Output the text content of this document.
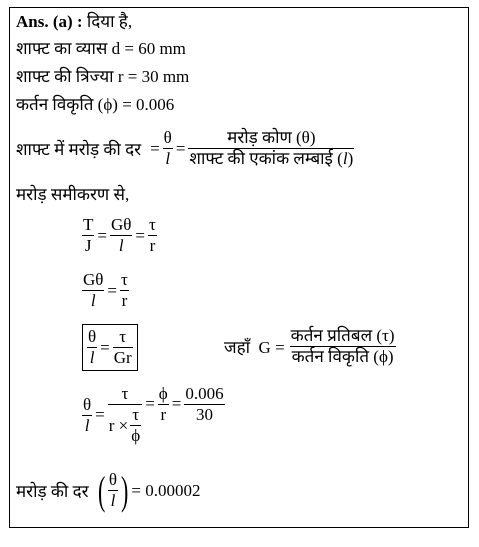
Ans. (a) : दिया है,
शाफ्ट का व्यास d = 60 mm
शाफ्ट की त्रिज्या r = 30 mm
कर्तन विकृति (ϕ) = 0.006
शाफ्ट में मरोड़ की दर = $\frac{\theta}{l} = \frac{\text{मरोड़ कोण (θ)}}{\text{शाफ्ट की एकांक लम्बाई (l)}}$
मरोड़ समीकरण से,
$\frac{T}{J} = \frac{G\theta}{l} = \frac{\tau}{r}$
$\frac{G\theta}{l} = \frac{\tau}{r}$
$\frac{\theta}{l} = \frac{\tau}{Gr}$	जहाँ  $G = \frac{\text{कर्तन प्रतिबल (τ)}}{\text{कर्तन विकृति (ϕ)}}$
$\frac{\theta}{l} = \frac{\tau}{r \times \frac{\tau}{\phi}} = \frac{\phi}{r} = \frac{0.006}{30}$
मरोड़ की दर ( $\frac{\theta}{l}$ ) = 0.00002
